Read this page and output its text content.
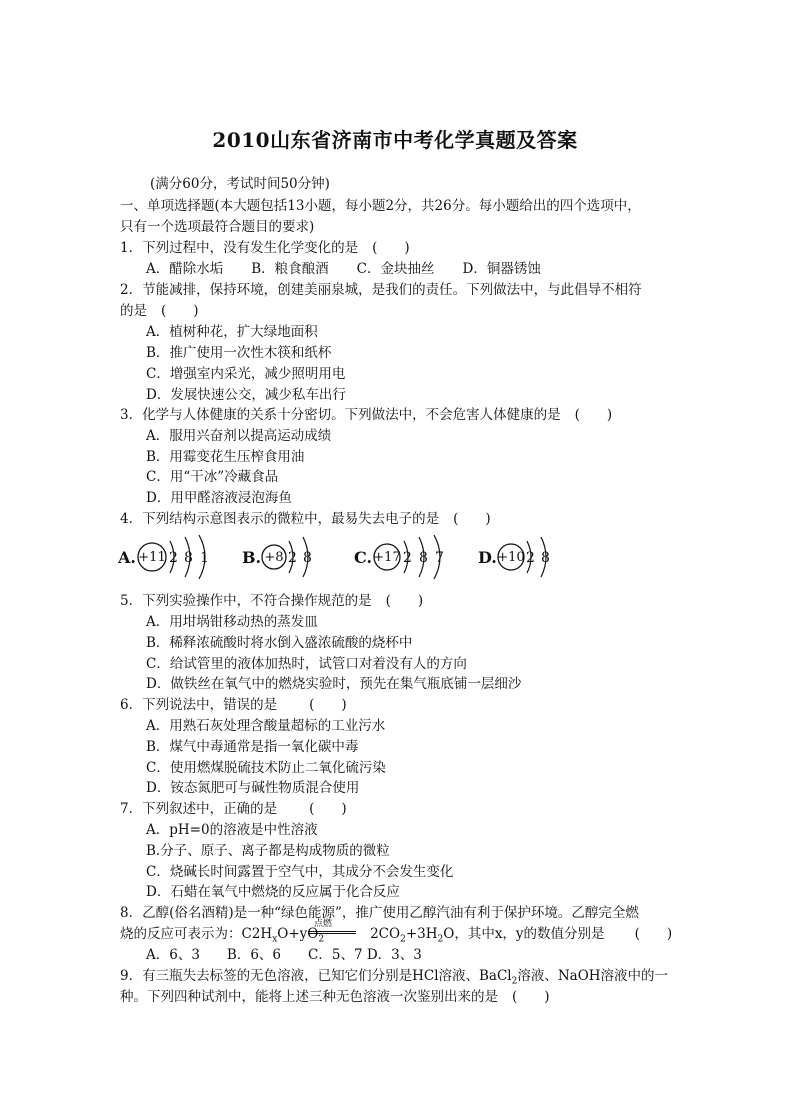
2010山东省济南市中考化学真题及答案
(满分60分，考试时间50分钟)
一、单项选择题(本大题包括13小题，每小题2分，共26分。每小题给出的四个选项中，
只有一个选项最符合题目的要求)
1．下列过程中，没有发生化学变化的是 (　　)
A．醋除水垢 B．粮食酿酒 C．金块抽丝 D．铜器锈蚀
2．节能减排，保持环境，创建美丽泉城，是我们的责任。下列做法中，与此倡导不相符
的是 (　　)
A．植树种花，扩大绿地面积
B．推广使用一次性木筷和纸杯
C．增强室内采光，减少照明用电
D．发展快速公交，减少私车出行
3．化学与人体健康的关系十分密切。下列做法中，不会危害人体健康的是 (　　)
A．服用兴奋剂以提高运动成绩
B．用霉变花生压榨食用油
C．用“干冰”冷藏食品
D．用甲醛溶液浸泡海鱼
4．下列结构示意图表示的微粒中，最易失去电子的是 (　　)
A. +11 2 8 1 B. +8 2 8	C. +17 2 8 7 D. +10 2 8
5．下列实验操作中，不符合操作规范的是 (　　)
A．用坩埚钳移动热的蒸发皿
B．稀释浓硫酸时将水倒入盛浓硫酸的烧杯中
C．给试管里的液体加热时，试管口对着没有人的方向
D．做铁丝在氧气中的燃烧实验时，预先在集气瓶底铺一层细沙
6．下列说法中，错误的是 (　　)
A．用熟石灰处理含酸量超标的工业污水
B．煤气中毒通常是指一氧化碳中毒
C．使用燃煤脱硫技术防止二氧化硫污染
D．铵态氮肥可与碱性物质混合使用
7．下列叙述中，正确的是 (　　)
A．pH=0的溶液是中性溶液
B.分子、原子、离子都是构成物质的微粒
C．烧碱长时间露置于空气中，其成分不会发生变化
D．石蜡在氧气中燃烧的反应属于化合反应
8．乙醇(俗名酒精)是一种“绿色能源”，推广使用乙醇汽油有利于保护环境。乙醇完全燃
点燃
烧的反应可表示为：$C2H_xO+yO_2$	$2CO_2+3H_2O$，其中x，y的数值分别是 (　　)
A．6、3　　B．6、6　　C．5、7 D．3、3
9．有三瓶失去标签的无色溶液，已知它们分别是HCl溶液、BaCl$_2$溶液、NaOH溶液中的一
种。下列四种试剂中，能将上述三种无色溶液一次鉴别出来的是 (　　)
